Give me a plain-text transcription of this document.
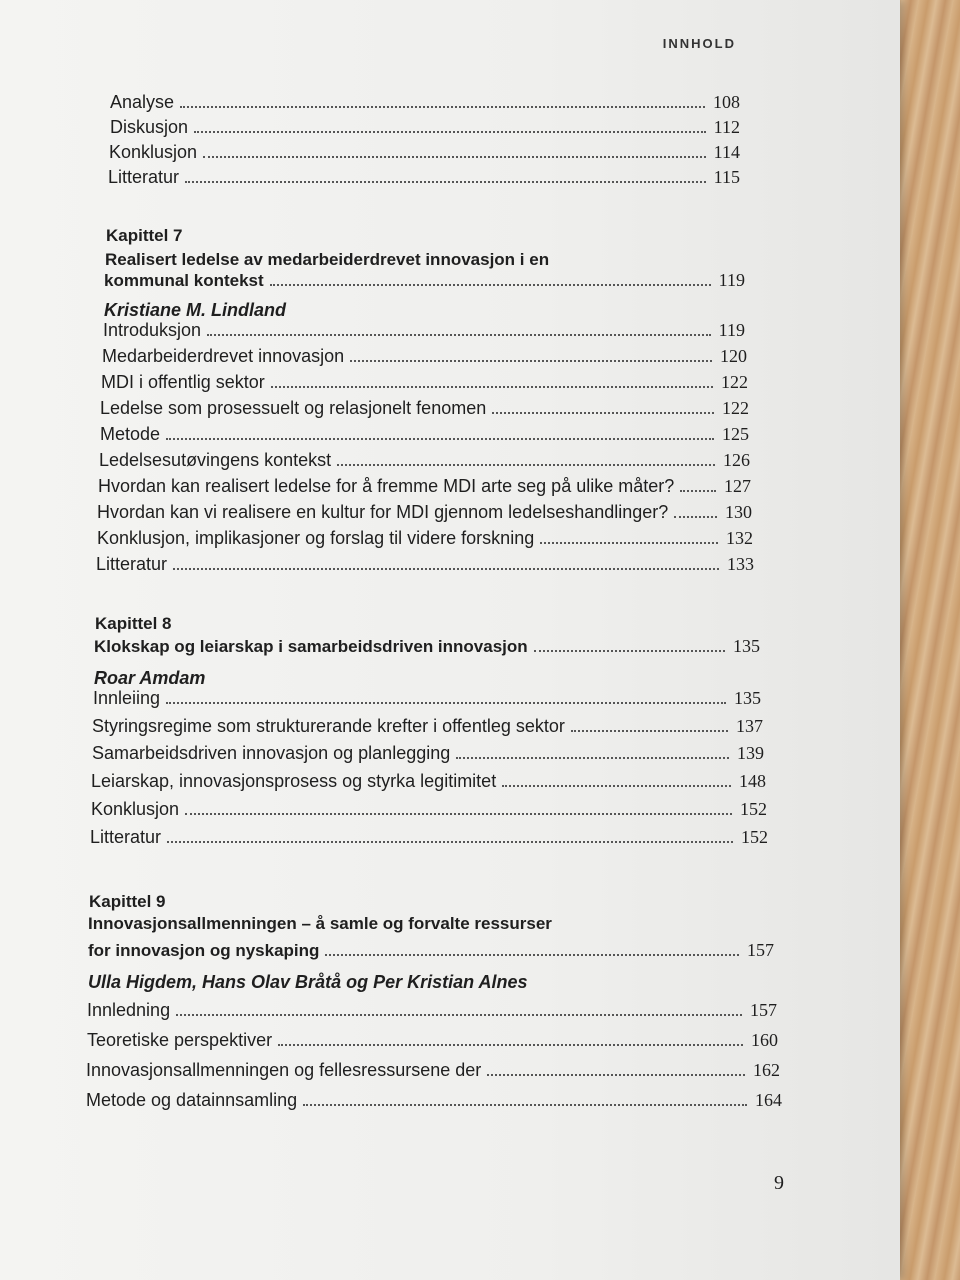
INNHOLD
Analyse	108
Diskusjon	112
Konklusjon	114
Litteratur	115
Kapittel 7
Realisert ledelse av medarbeiderdrevet innovasjon i en
kommunal kontekst	119
Kristiane M. Lindland
Introduksjon	119
Medarbeiderdrevet innovasjon	120
MDI i offentlig sektor	122
Ledelse som prosessuelt og relasjonelt fenomen	122
Metode	125
Ledelsesutøvingens kontekst	126
Hvordan kan realisert ledelse for å fremme MDI arte seg på ulike måter?	127
Hvordan kan vi realisere en kultur for MDI gjennom ledelseshandlinger?	130
Konklusjon, implikasjoner og forslag til videre forskning	132
Litteratur	133
Kapittel 8
Klokskap og leiarskap i samarbeidsdriven innovasjon	135
Roar Amdam
Innleiing	135
Styringsregime som strukturerande krefter i offentleg sektor	137
Samarbeidsdriven innovasjon og planlegging	139
Leiarskap, innovasjonsprosess og styrka legitimitet	148
Konklusjon	152
Litteratur	152
Kapittel 9
Innovasjonsallmenningen – å samle og forvalte ressurser
for innovasjon og nyskaping	157
Ulla Higdem, Hans Olav Bråtå og Per Kristian Alnes
Innledning	157
Teoretiske perspektiver	160
Innovasjonsallmenningen og fellesressursene der	162
Metode og datainnsamling	164
9
